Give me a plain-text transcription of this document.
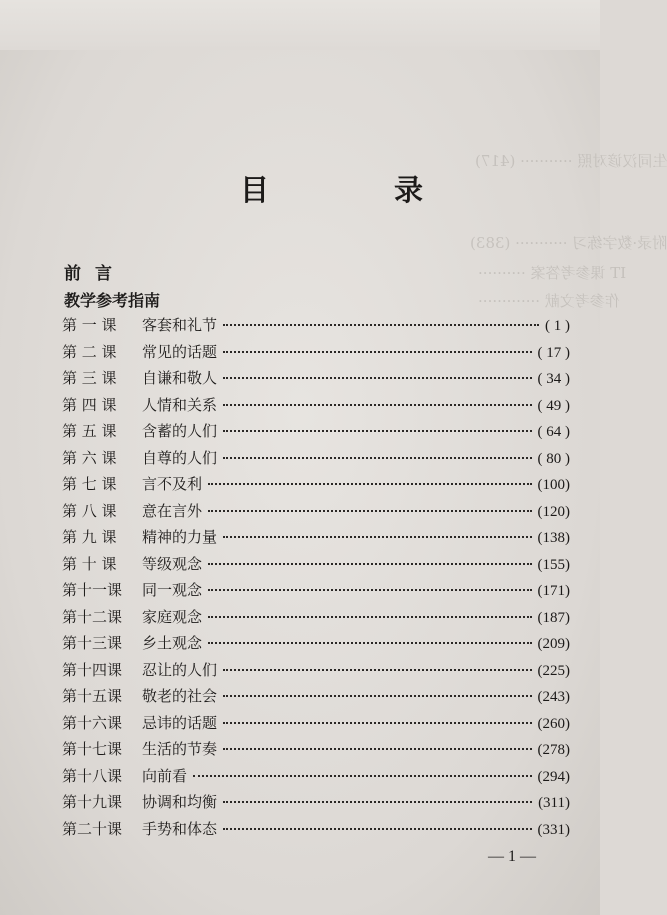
生同汉谚对照 ··········· (417)
附录·数字练习 ··········· (383)
IT 课参考答案 ··········
作参考文献 ·············
目　录
前言
教学参考指南
第 一 课	客套和礼节	( 1 )
第 二 课	常见的话题	( 17 )
第 三 课	自谦和敬人	( 34 )
第 四 课	人情和关系	( 49 )
第 五 课	含蓄的人们	( 64 )
第 六 课	自尊的人们	( 80 )
第 七 课	言不及利	(100)
第 八 课	意在言外	(120)
第 九 课	精神的力量	(138)
第 十 课	等级观念	(155)
第十一课	同一观念	(171)
第十二课	家庭观念	(187)
第十三课	乡土观念	(209)
第十四课	忍让的人们	(225)
第十五课	敬老的社会	(243)
第十六课	忌讳的话题	(260)
第十七课	生活的节奏	(278)
第十八课	向前看	(294)
第十九课	协调和均衡	(311)
第二十课	手势和体态	(331)
— 1 —
